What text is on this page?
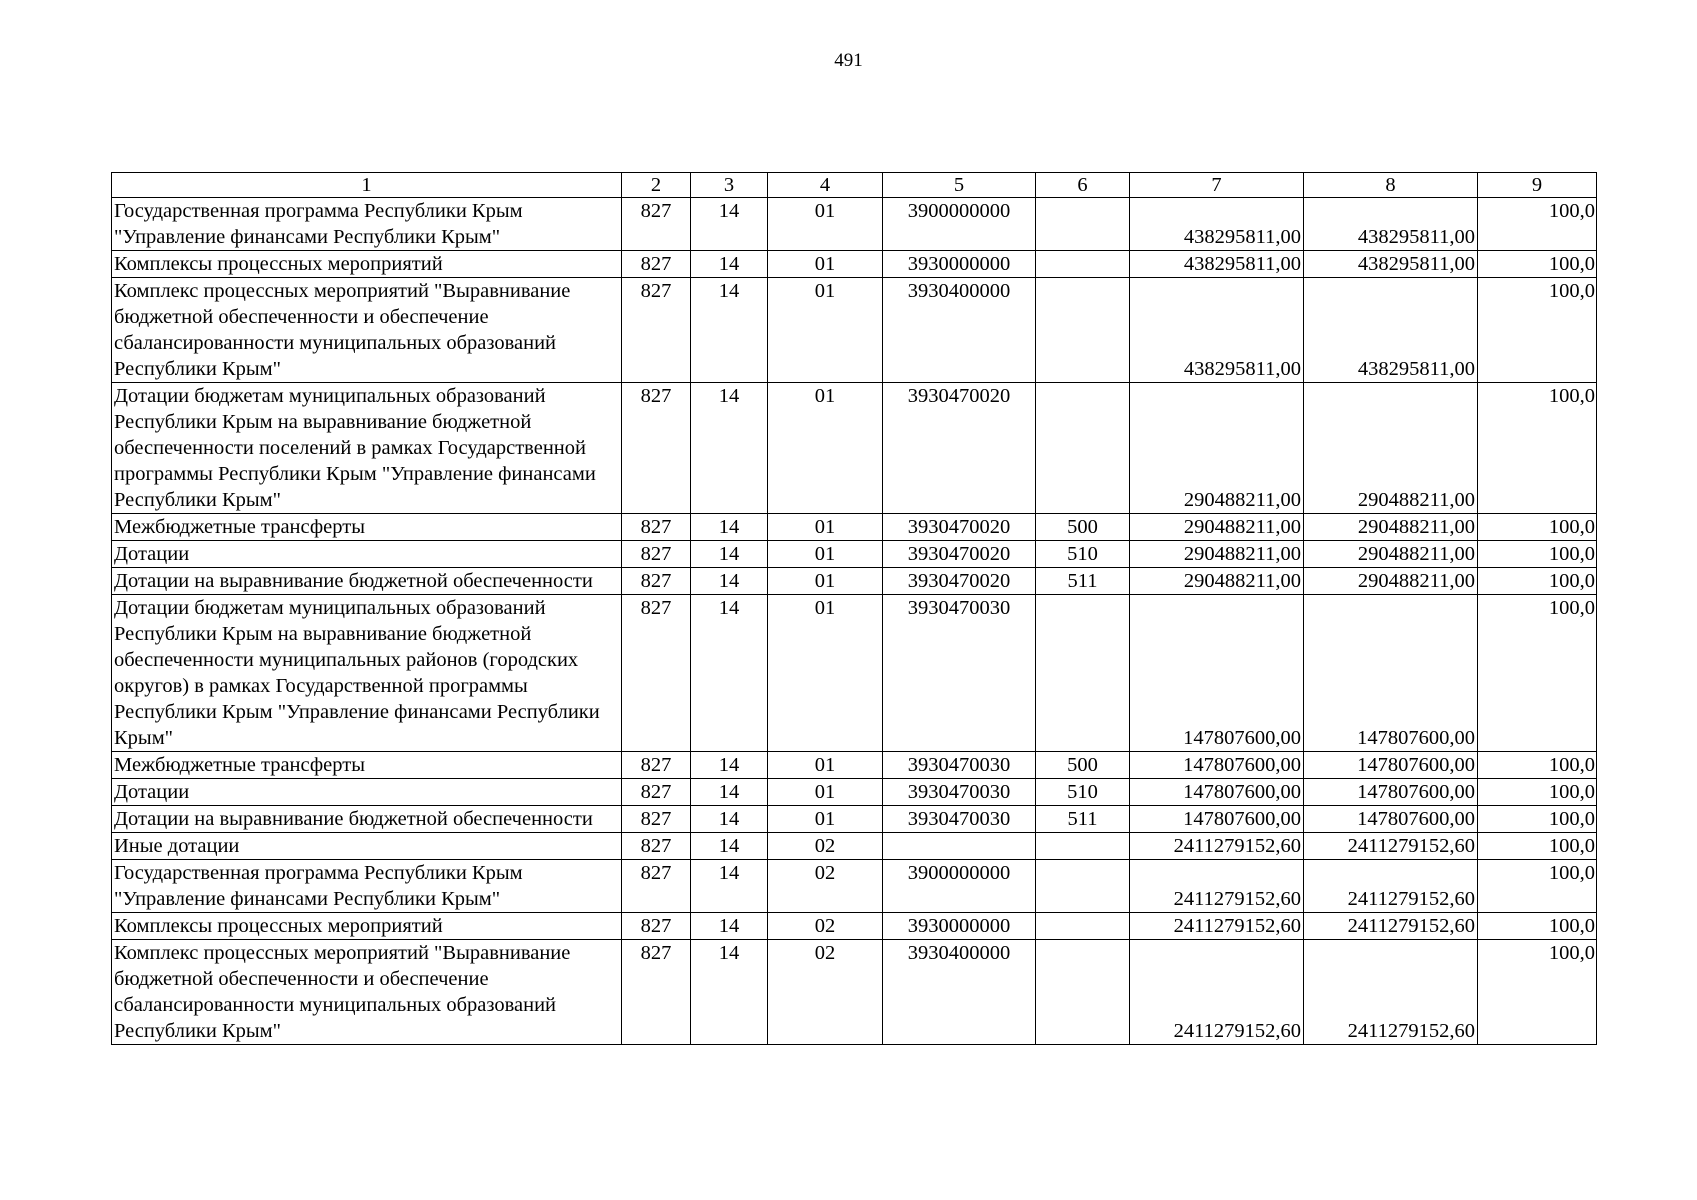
491
1	2	3	4	5	6	7	8	9
Государственная программа Республики Крым "Управление финансами Республики Крым"	827	14	01	3900000000		438295811,00	438295811,00	100,0
Комплексы процессных мероприятий	827	14	01	3930000000		438295811,00	438295811,00	100,0
Комплекс процессных мероприятий "Выравнивание бюджетной обеспеченности и обеспечение сбалансированности муниципальных образований Республики Крым"	827	14	01	3930400000		438295811,00	438295811,00	100,0
Дотации бюджетам муниципальных образований Республики Крым на выравнивание бюджетной обеспеченности поселений в рамках Государственной программы Республики Крым "Управление финансами Республики Крым"	827	14	01	3930470020		290488211,00	290488211,00	100,0
Межбюджетные трансферты	827	14	01	3930470020	500	290488211,00	290488211,00	100,0
Дотации	827	14	01	3930470020	510	290488211,00	290488211,00	100,0
Дотации на выравнивание бюджетной обеспеченности	827	14	01	3930470020	511	290488211,00	290488211,00	100,0
Дотации бюджетам муниципальных образований Республики Крым на выравнивание бюджетной обеспеченности муниципальных районов (городских округов) в рамках Государственной программы Республики Крым "Управление финансами Республики Крым"	827	14	01	3930470030		147807600,00	147807600,00	100,0
Межбюджетные трансферты	827	14	01	3930470030	500	147807600,00	147807600,00	100,0
Дотации	827	14	01	3930470030	510	147807600,00	147807600,00	100,0
Дотации на выравнивание бюджетной обеспеченности	827	14	01	3930470030	511	147807600,00	147807600,00	100,0
Иные дотации	827	14	02			2411279152,60	2411279152,60	100,0
Государственная программа Республики Крым "Управление финансами Республики Крым"	827	14	02	3900000000		2411279152,60	2411279152,60	100,0
Комплексы процессных мероприятий	827	14	02	3930000000		2411279152,60	2411279152,60	100,0
Комплекс процессных мероприятий "Выравнивание бюджетной обеспеченности и обеспечение сбалансированности муниципальных образований Республики Крым"	827	14	02	3930400000		2411279152,60	2411279152,60	100,0
